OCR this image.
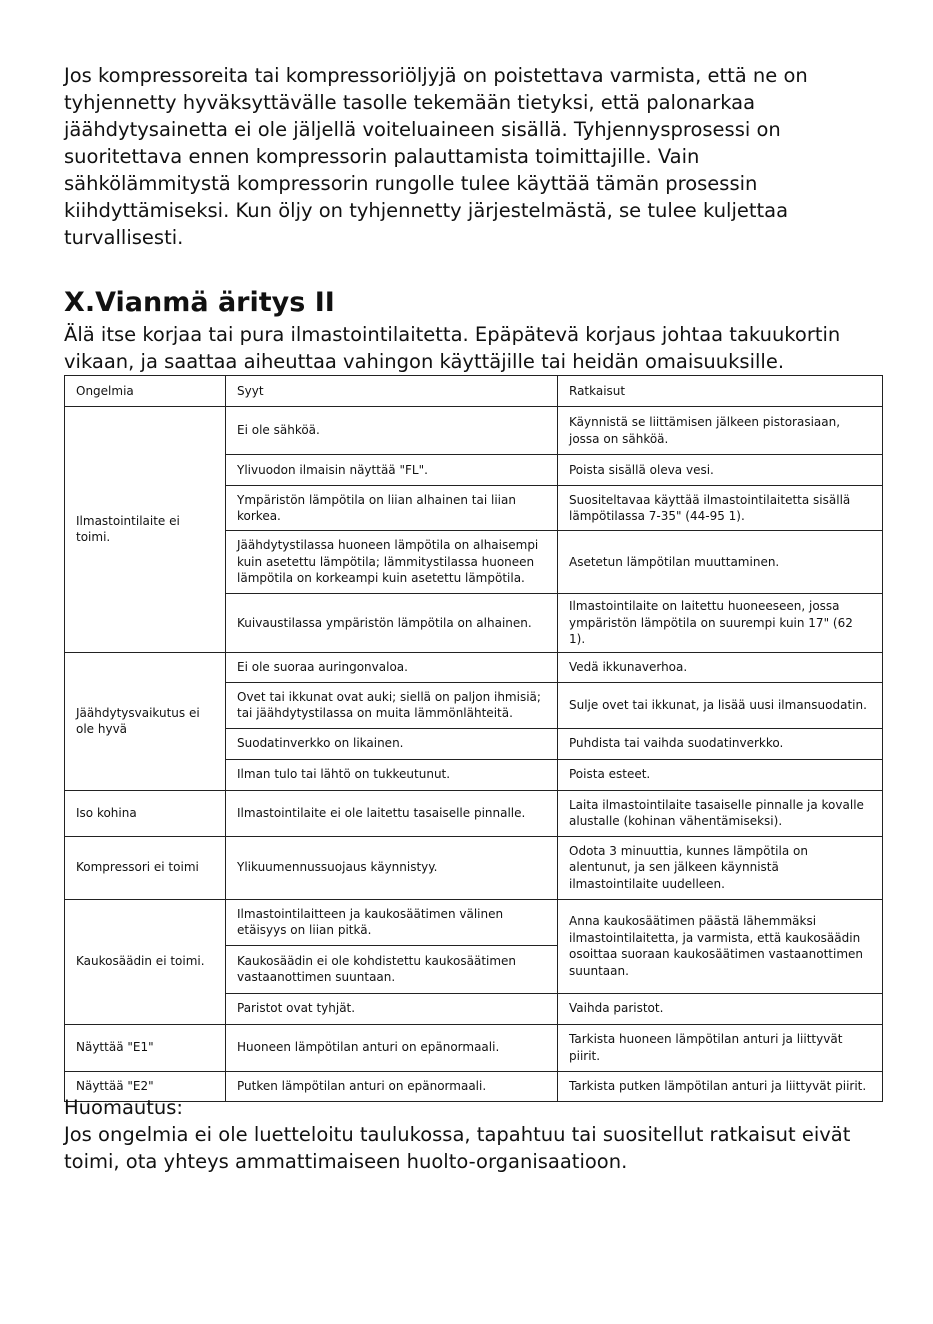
Jos kompressoreita tai kompressoriöljyjä on poistettava varmista, että ne on tyhjennetty hyväksyttävälle tasolle tekemään tietyksi, että palonarkaa jäähdytysainetta ei ole jäljellä voiteluaineen sisällä. Tyhjennysprosessi on suoritettava ennen kompressorin palauttamista toimittajille. Vain sähkölämmitystä kompressorin rungolle tulee käyttää tämän prosessin kiihdyttämiseksi. Kun öljy on tyhjennetty järjestelmästä, se tulee kuljettaa turvallisesti.

X.Vianmä äritys II

Älä itse korjaa tai pura ilmastointilaitetta. Epäpätevä korjaus johtaa takuukortin vikaan, ja saattaa aiheuttaa vahingon käyttäjille tai heidän omaisuuksille.

Ongelmia	Syyt	Ratkaisut
Ilmastointilaite ei toimi.	Ei ole sähköä.	Käynnistä se liittämisen jälkeen pistorasiaan, jossa on sähköä.
	Ylivuodon ilmaisin näyttää "FL".	Poista sisällä oleva vesi.
	Ympäristön lämpötila on liian alhainen tai liian korkea.	Suositeltavaa käyttää ilmastointilaitetta sisällä lämpötilassa 7-35" (44-95 1).
	Jäähdytystilassa huoneen lämpötila on alhaisempi kuin asetettu lämpötila; lämmitystilassa huoneen lämpötila on korkeampi kuin asetettu lämpötila.	Asetetun lämpötilan muuttaminen.
	Kuivaustilassa ympäristön lämpötila on alhainen.	Ilmastointilaite on laitettu huoneeseen, jossa ympäristön lämpötila on suurempi kuin 17" (62 1).
Jäähdytysvaikutus ei ole hyvä	Ei ole suoraa auringonvaloa.	Vedä ikkunaverhoa.
	Ovet tai ikkunat ovat auki; siellä on paljon ihmisiä; tai jäähdytystilassa on muita lämmönlähteitä.	Sulje ovet tai ikkunat, ja lisää uusi ilmansuodatin.
	Suodatinverkko on likainen.	Puhdista tai vaihda suodatinverkko.
	Ilman tulo tai lähtö on tukkeutunut.	Poista esteet.
Iso kohina	Ilmastointilaite ei ole laitettu tasaiselle pinnalle.	Laita ilmastointilaite tasaiselle pinnalle ja kovalle alustalle (kohinan vähentämiseksi).
Kompressori ei toimi	Ylikuumennussuojaus käynnistyy.	Odota 3 minuuttia, kunnes lämpötila on alentunut, ja sen jälkeen käynnistä ilmastointilaite uudelleen.
Kaukosäädin ei toimi.	Ilmastointilaitteen ja kaukosäätimen välinen etäisyys on liian pitkä.	Anna kaukosäätimen päästä lähemmäksi ilmastointilaitetta, ja varmista, että kaukosäädin osoittaa suoraan kaukosäätimen vastaanottimen suuntaan.
	Kaukosäädin ei ole kohdistettu kaukosäätimen vastaanottimen suuntaan.	
	Paristot ovat tyhjät.	Vaihda paristot.
Näyttää "E1"	Huoneen lämpötilan anturi on epänormaali.	Tarkista huoneen lämpötilan anturi ja liittyvät piirit.
Näyttää "E2"	Putken lämpötilan anturi on epänormaali.	Tarkista putken lämpötilan anturi ja liittyvät piirit.

Huomautus:

Jos ongelmia ei ole luetteloitu taulukossa, tapahtuu tai suositellut ratkaisut eivät toimi, ota yhteys ammattimaiseen huolto-organisaatioon.
